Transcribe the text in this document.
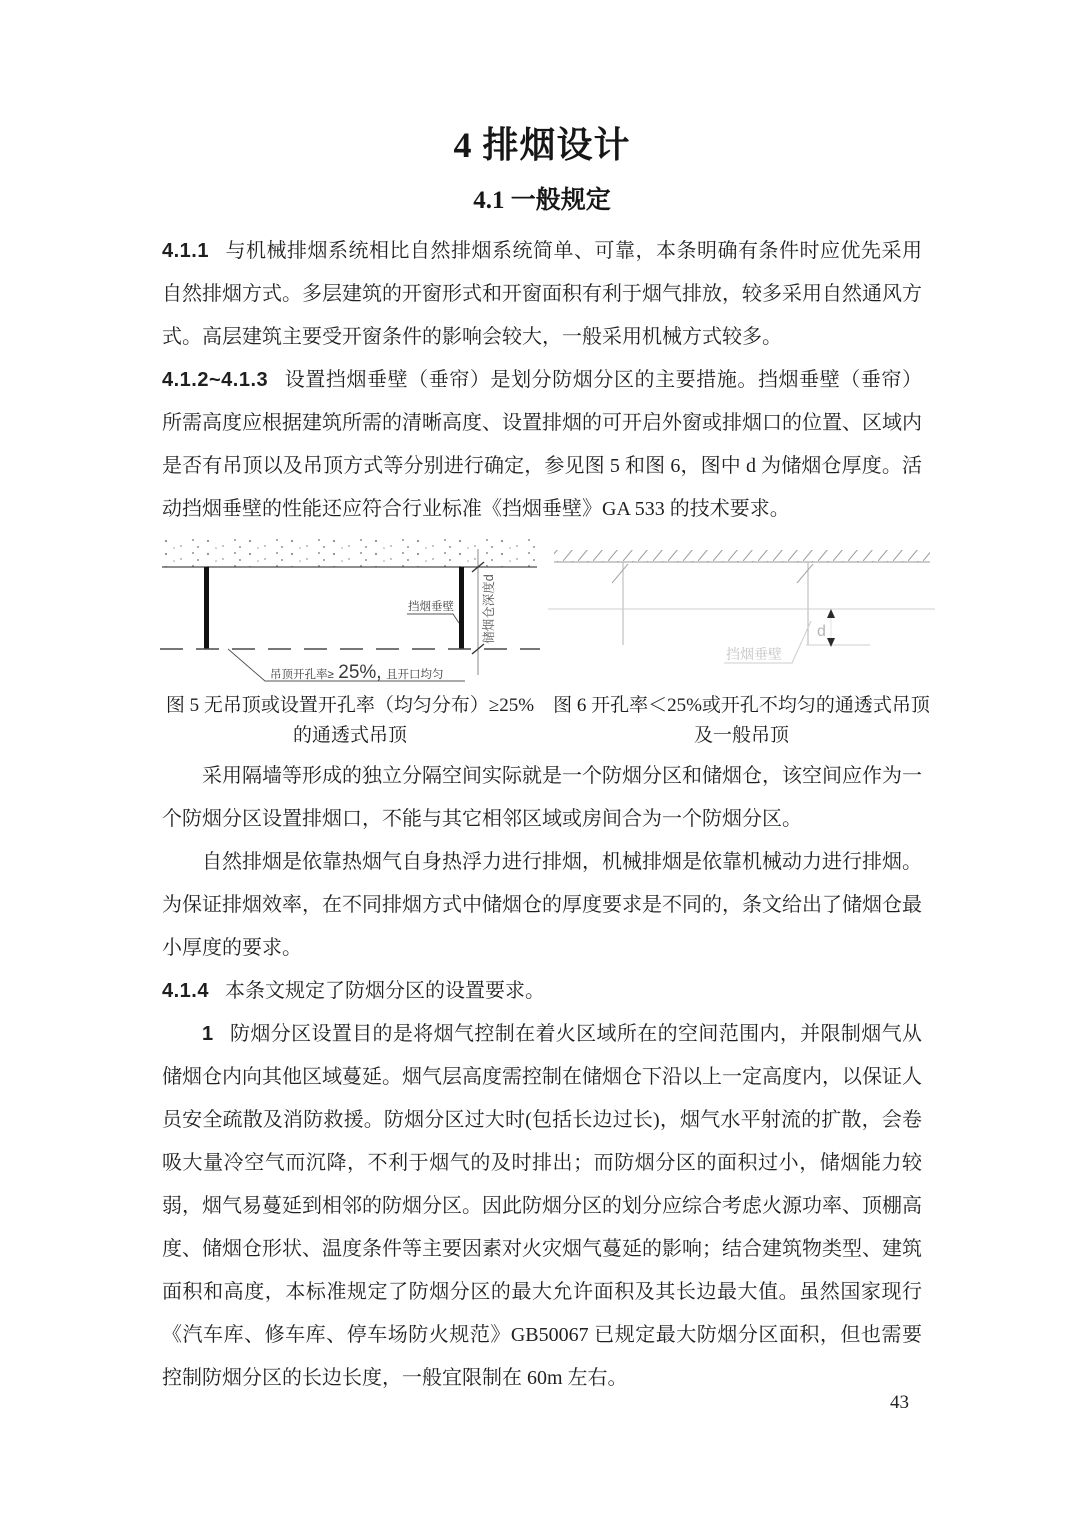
4 排烟设计
4.1 一般规定

4.1.1 与机械排烟系统相比自然排烟系统简单、可靠，本条明确有条件时应优先采用自然排烟方式。多层建筑的开窗形式和开窗面积有利于烟气排放，较多采用自然通风方式。高层建筑主要受开窗条件的影响会较大，一般采用机械方式较多。

4.1.2~4.1.3 设置挡烟垂壁（垂帘）是划分防烟分区的主要措施。挡烟垂壁（垂帘）所需高度应根据建筑所需的清晰高度、设置排烟的可开启外窗或排烟口的位置、区域内是否有吊顶以及吊顶方式等分别进行确定，参见图 5 和图 6，图中 d 为储烟仓厚度。活动挡烟垂壁的性能还应符合行业标准《挡烟垂壁》GA 533 的技术要求。

储烟仓深度d
挡烟垂壁
吊顶开孔率≥ 25%, 且开口均匀
图 5 无吊顶或设置开孔率（均匀分布）≥25%
的通透式吊顶
d
挡烟垂壁
图 6 开孔率＜25%或开孔不均匀的通透式吊顶
及一般吊顶

采用隔墙等形成的独立分隔空间实际就是一个防烟分区和储烟仓，该空间应作为一个防烟分区设置排烟口，不能与其它相邻区域或房间合为一个防烟分区。

自然排烟是依靠热烟气自身热浮力进行排烟，机械排烟是依靠机械动力进行排烟。为保证排烟效率，在不同排烟方式中储烟仓的厚度要求是不同的，条文给出了储烟仓最小厚度的要求。

4.1.4 本条文规定了防烟分区的设置要求。

1 防烟分区设置目的是将烟气控制在着火区域所在的空间范围内，并限制烟气从储烟仓内向其他区域蔓延。烟气层高度需控制在储烟仓下沿以上一定高度内，以保证人员安全疏散及消防救援。防烟分区过大时(包括长边过长)，烟气水平射流的扩散，会卷吸大量冷空气而沉降，不利于烟气的及时排出；而防烟分区的面积过小，储烟能力较弱，烟气易蔓延到相邻的防烟分区。因此防烟分区的划分应综合考虑火源功率、顶棚高度、储烟仓形状、温度条件等主要因素对火灾烟气蔓延的影响；结合建筑物类型、建筑面积和高度，本标准规定了防烟分区的最大允许面积及其长边最大值。虽然国家现行《汽车库、修车库、停车场防火规范》GB50067 已规定最大防烟分区面积，但也需要控制防烟分区的长边长度，一般宜限制在 60m 左右。

43
